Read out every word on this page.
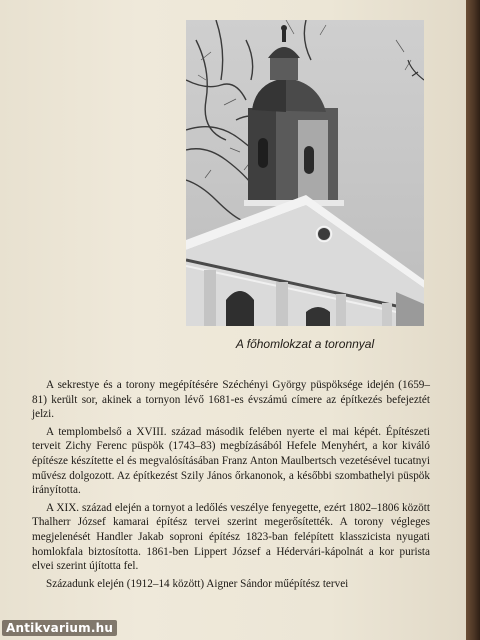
A főhomlokzat a toronnyal

A sekrestye és a torony megépítésére Széchényi György püspöksége idején (1659–81) került sor, akinek a tornyon lévő 1681-es évszámú címere az építkezés befejeztét jelzi.

A templombelső a XVIII. század második felében nyerte el mai képét. Építészeti terveit Zichy Ferenc püspök (1743–83) megbízásából Hefele Menyhért, a kor kiváló építésze készítette el és megvalósításában Franz Anton Maulbertsch vezetésével tucatnyi művész dolgozott. Az építkezést Szily János őrkanonok, a későbbi szombathelyi püspök irányította.

A XIX. század elején a tornyot a ledőlés veszélye fenyegette, ezért 1802–1806 között Thalherr József kamarai építész tervei szerint megerősítették. A torony végleges megjelenését Handler Jakab soproni építész 1823-ban felépített klasszicista nyugati homlokfala biztosította. 1861-ben Lippert József a Hédervári-kápolnát a kor purista elvei szerint újította fel.

Századunk elején (1912–14 között) Aigner Sándor műépítész tervei

Antikvarium.hu
